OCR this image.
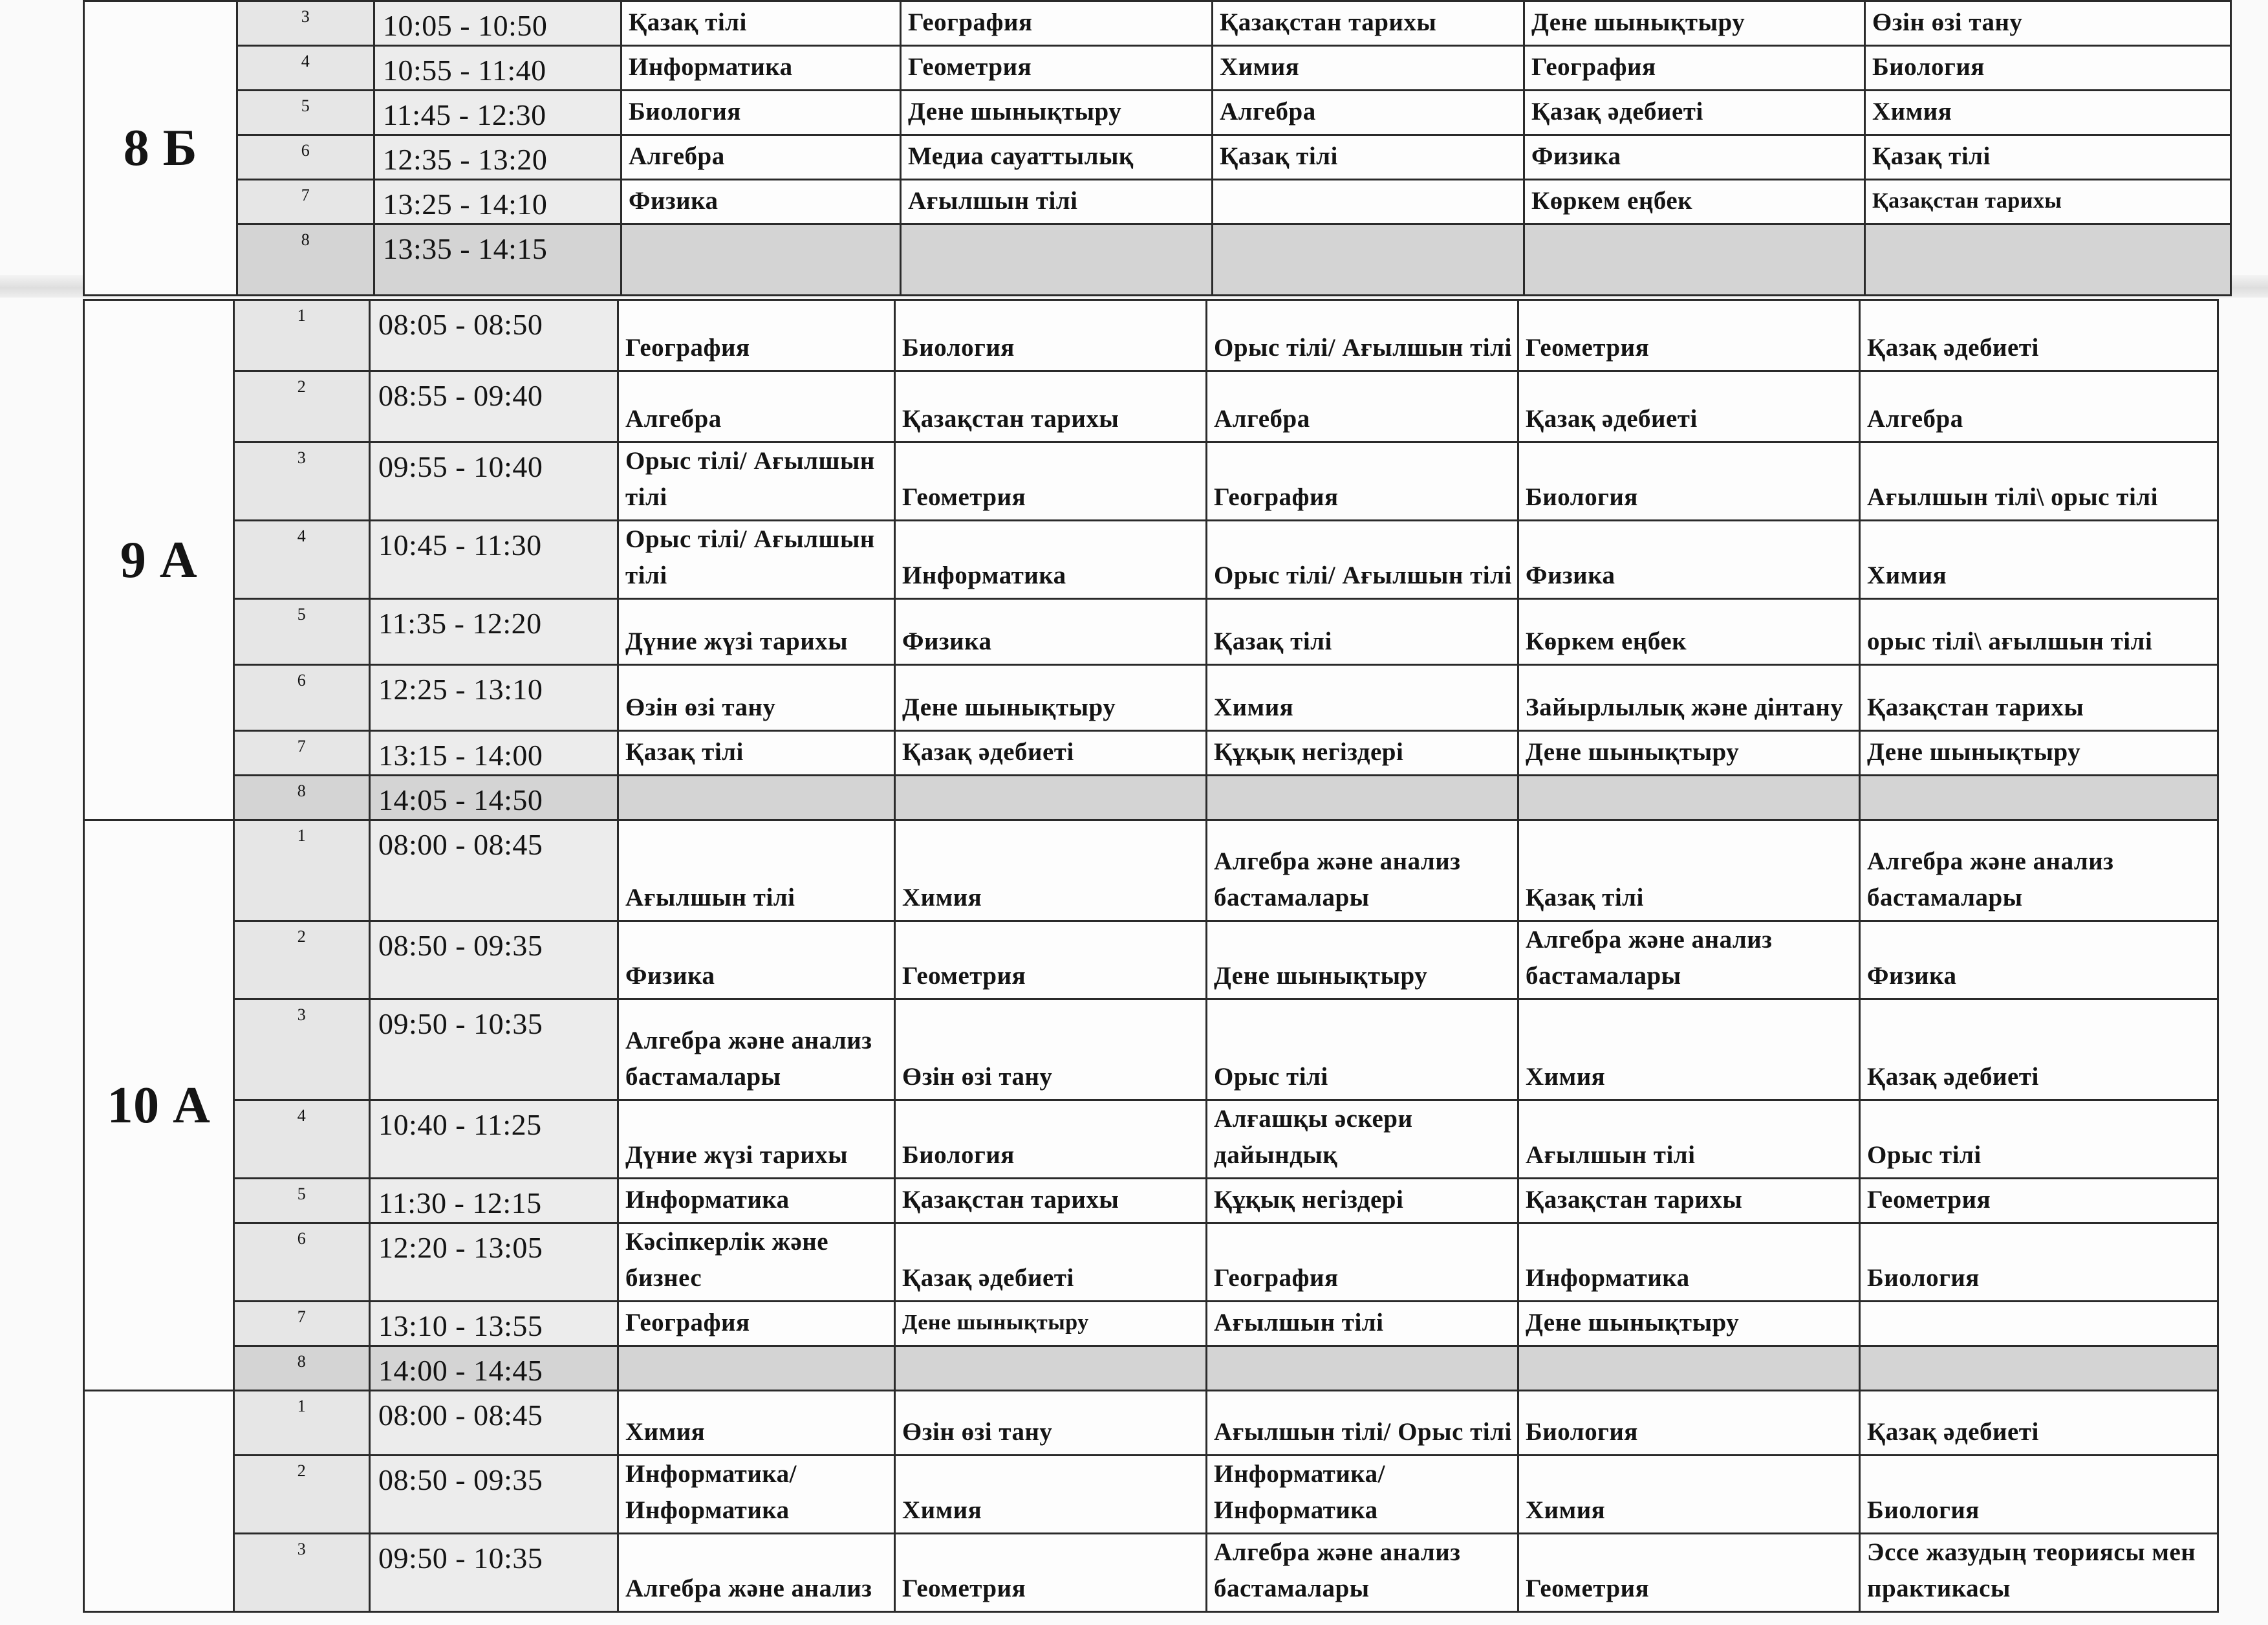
8 Б	3	10:05 - 10:50	Қазақ тілі	География	Қазақстан тарихы	Дене шынықтыру	Өзін өзі тану
	4	10:55 - 11:40	Информатика	Геометрия	Химия	География	Биология
	5	11:45 - 12:30	Биология	Дене шынықтыру	Алгебра	Қазақ әдебиеті	Химия
	6	12:35 - 13:20	Алгебра	Медиа сауаттылық	Қазақ тілі	Физика	Қазақ тілі
	7	13:25 - 14:10	Физика	Ағылшын тілі		Көркем еңбек	Қазақстан тарихы
	8	13:35 - 14:15					
9 А	1	08:05 - 08:50	География	Биология	Орыс тілі/ Ағылшын тілі	Геометрия	Қазақ әдебиеті
	2	08:55 - 09:40	Алгебра	Қазақстан тарихы	Алгебра	Қазақ әдебиеті	Алгебра
	3	09:55 - 10:40	Орыс тілі/ Ағылшын тілі	Геометрия	География	Биология	Ағылшын тілі\ орыс тілі
	4	10:45 - 11:30	Орыс тілі/ Ағылшын тілі	Информатика	Орыс тілі/ Ағылшын тілі	Физика	Химия
	5	11:35 - 12:20	Дүние жүзі тарихы	Физика	Қазақ тілі	Көркем еңбек	орыс тілі\ ағылшын тілі
	6	12:25 - 13:10	Өзін өзі тану	Дене шынықтыру	Химия	Зайырлылық және дінтану	Қазақстан тарихы
	7	13:15 - 14:00	Қазақ тілі	Қазақ әдебиеті	Құқық негіздері	Дене шынықтыру	Дене шынықтыру
	8	14:05 - 14:50					
10 А	1	08:00 - 08:45	Ағылшын тілі	Химия	Алгебра және анализ бастамалары	Қазақ тілі	Алгебра және анализ бастамалары
	2	08:50 - 09:35	Физика	Геометрия	Дене шынықтыру	Алгебра және анализ бастамалары	Физика
	3	09:50 - 10:35	Алгебра және анализ бастамалары	Өзін өзі тану	Орыс тілі	Химия	Қазақ әдебиеті
	4	10:40 - 11:25	Дүние жүзі тарихы	Биология	Алғашқы әскери дайындық	Ағылшын тілі	Орыс тілі
	5	11:30 - 12:15	Информатика	Қазақстан тарихы	Құқық негіздері	Қазақстан тарихы	Геометрия
	6	12:20 - 13:05	Кәсіпкерлік және бизнес	Қазақ әдебиеті	География	Информатика	Биология
	7	13:10 - 13:55	География	Дене шынықтыру	Ағылшын тілі	Дене шынықтыру	
	8	14:00 - 14:45					
	1	08:00 - 08:45	Химия	Өзін өзі тану	Ағылшын тілі/ Орыс тілі	Биология	Қазақ әдебиеті
	2	08:50 - 09:35	Информатика/ Информатика	Химия	Информатика/ Информатика	Химия	Биология
	3	09:50 - 10:35	Алгебра және анализ	Геометрия	Алгебра және анализ бастамалары	Геометрия	Эссе жазудың теориясы мен практикасы
